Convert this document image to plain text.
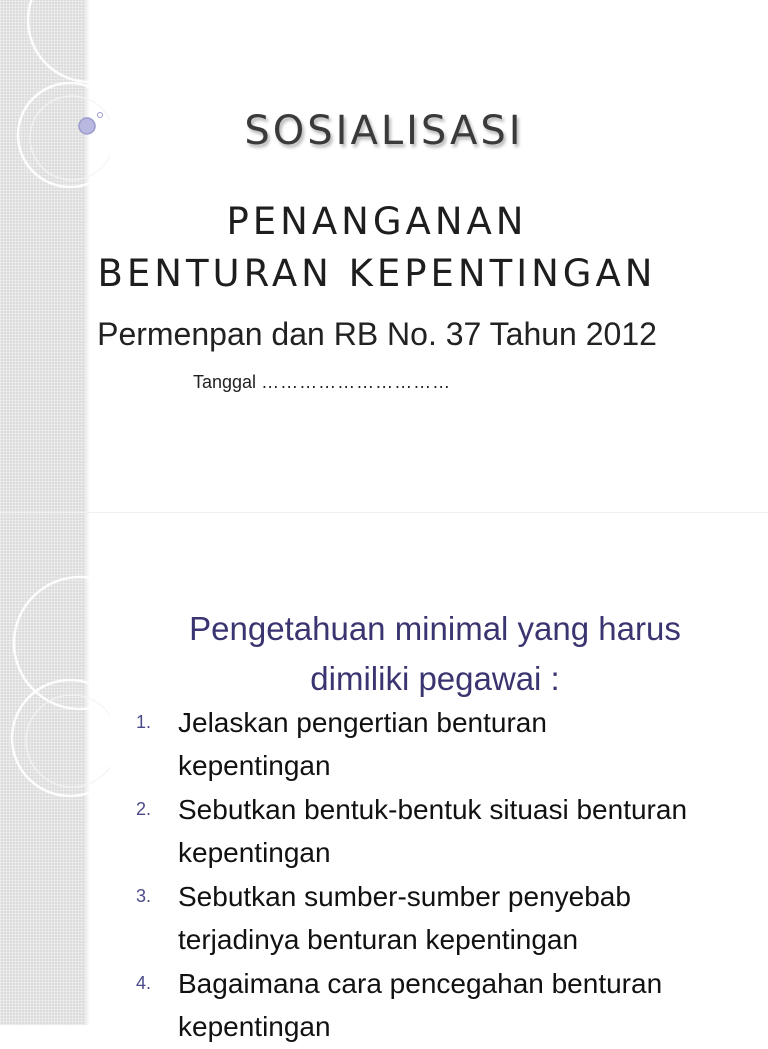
SOSIALISASI
PENANGANAN
BENTURAN KEPENTINGAN
Permenpan dan RB No. 37 Tahun 2012
Tanggal …………………………
Pengetahuan minimal yang harus
dimiliki pegawai :
1. Jelaskan pengertian benturan
kepentingan
2. Sebutkan bentuk-bentuk situasi benturan
kepentingan
3. Sebutkan sumber-sumber penyebab
terjadinya benturan kepentingan
4. Bagaimana cara pencegahan benturan
kepentingan
